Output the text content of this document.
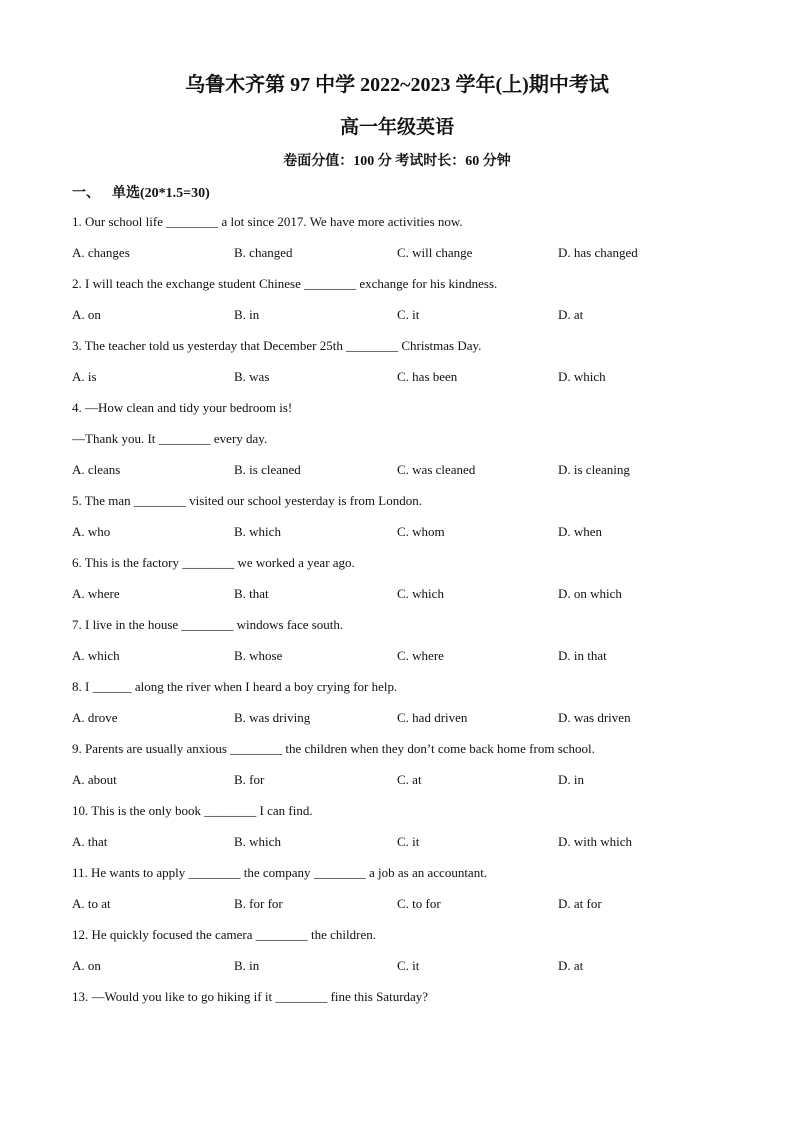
乌鲁木齐第 97 中学 2022~2023 学年(上)期中考试
高一年级英语
卷面分值：100 分 考试时长：60 分钟
一、 单选(20*1.5=30)
1. Our school life ________ a lot since 2017. We have more activities now.
A. changes	B. changed	C. will change	D. has changed
2. I will teach the exchange student Chinese ________ exchange for his kindness.
A. on	B. in	C. it	D. at
3. The teacher told us yesterday that December 25th ________ Christmas Day.
A. is	B. was	C. has been	D. which
4. —How clean and tidy your bedroom is!
—Thank you. It ________ every day.
A. cleans	B. is cleaned	C. was cleaned	D. is cleaning
5. The man ________ visited our school yesterday is from London.
A. who	B. which	C. whom	D. when
6. This is the factory ________ we worked a year ago.
A. where	B. that	C. which	D. on which
7. I live in the house ________ windows face south.
A. which	B. whose	C. where	D. in that
8. I ______ along the river when I heard a boy crying for help.
A. drove	B. was driving	C. had driven	D. was driven
9. Parents are usually anxious ________ the children when they don’t come back home from school.
A. about	B. for	C. at	D. in
10. This is the only book ________ I can find.
A. that	B. which	C. it	D. with which
11. He wants to apply ________ the company ________ a job as an accountant.
A. to at	B. for for	C. to for	D. at for
12. He quickly focused the camera ________ the children.
A. on	B. in	C. it	D. at
13. —Would you like to go hiking if it ________ fine this Saturday?
